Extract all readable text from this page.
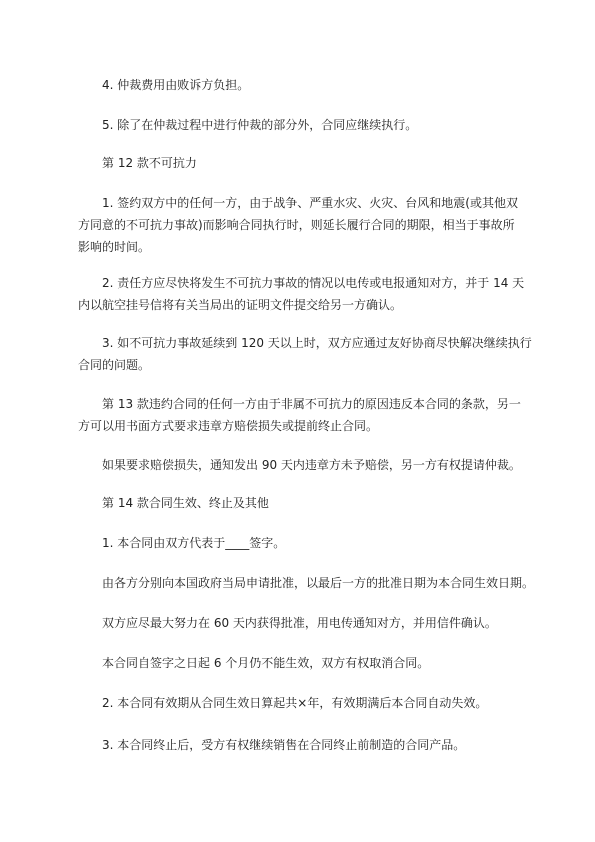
4. 仲裁费用由败诉方负担。

5. 除了在仲裁过程中进行仲裁的部分外，合同应继续执行。

第 12 款不可抗力

1. 签约双方中的任何一方，由于战争、严重水灾、火灾、台风和地震(或其他双
方同意的不可抗力事故)而影响合同执行时，则延长履行合同的期限，相当于事故所
影响的时间。

2. 责任方应尽快将发生不可抗力事故的情况以电传或电报通知对方，并于 14 天
内以航空挂号信将有关当局出的证明文件提交给另一方确认。

3. 如不可抗力事故延续到 120 天以上时，双方应通过友好协商尽快解决继续执行
合同的问题。

第 13 款违约合同的任何一方由于非属不可抗力的原因违反本合同的条款，另一
方可以用书面方式要求违章方赔偿损失或提前终止合同。

如果要求赔偿损失，通知发出 90 天内违章方未予赔偿，另一方有权提请仲裁。

第 14 款合同生效、终止及其他

1. 本合同由双方代表于____签字。

由各方分别向本国政府当局申请批准，以最后一方的批准日期为本合同生效日期。

双方应尽最大努力在 60 天内获得批准，用电传通知对方，并用信件确认。

本合同自签字之日起 6 个月仍不能生效，双方有权取消合同。

2. 本合同有效期从合同生效日算起共×年，有效期满后本合同自动失效。

3. 本合同终止后，受方有权继续销售在合同终止前制造的合同产品。
